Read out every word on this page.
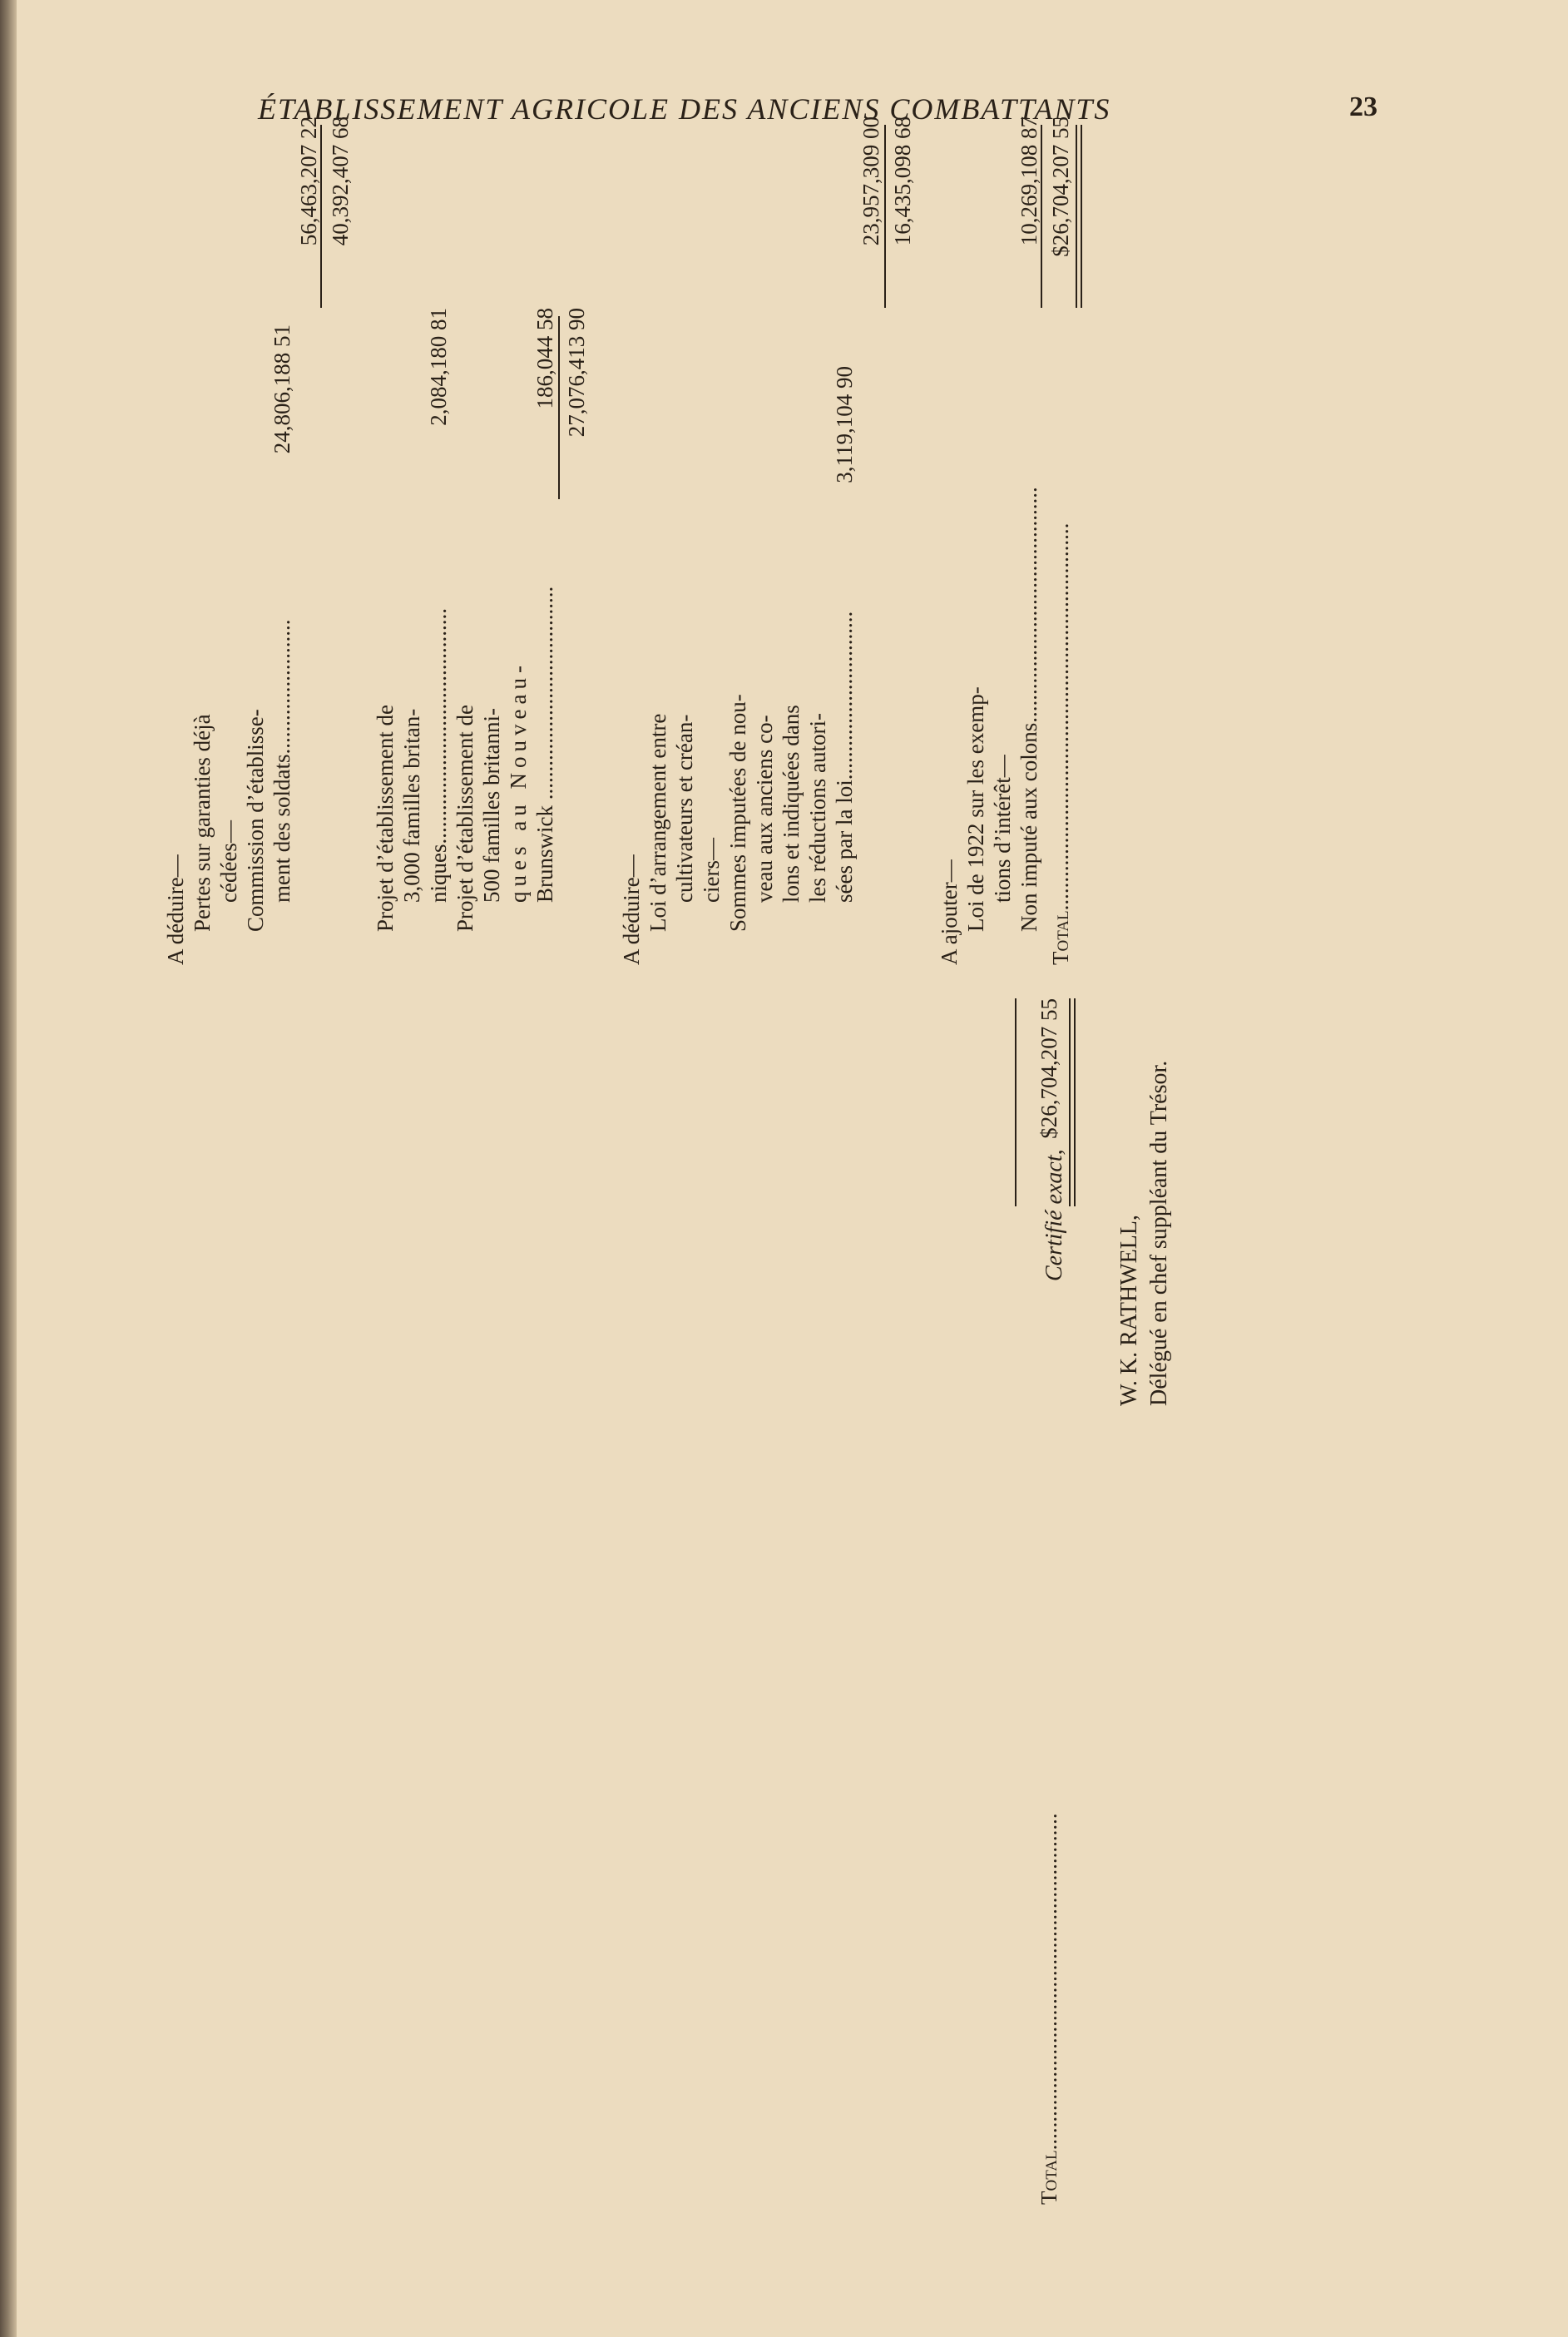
ÉTABLISSEMENT AGRICOLE DES ANCIENS COMBATTANTS	23
Total............................................................
$26,704,207 55
A déduire— Pertes sur garanties déjà cédées— Commission d’établisse- ment des soldats........................
24,806,188 51
56,463,207 22 40,392,407 68
Projet d’établissement de 3,000 familles britan- niques..........................................
2,084,180 81
Projet d’établissement de 500 familles britanni- ques au Nouveau- Brunswick ......................................
186,044 58 27,076,413 90
A déduire— Loi d’arrangement entre cultivateurs et créan- ciers— Sommes imputées de nou- veau aux anciens co- lons et indiquées dans les réductions autori- sées par la loi..............................
3,119,104 90
23,957,309 00 16,435,098 68
A ajouter— Loi de 1922 sur les exemp- tions d’intérêt— Non imputé aux colons..........................................
10,269,108 87
Total.....................................................................
$26,704,207 55
Certifié exact, W. K. RATHWELL, Délégué en chef suppléant du Trésor.
